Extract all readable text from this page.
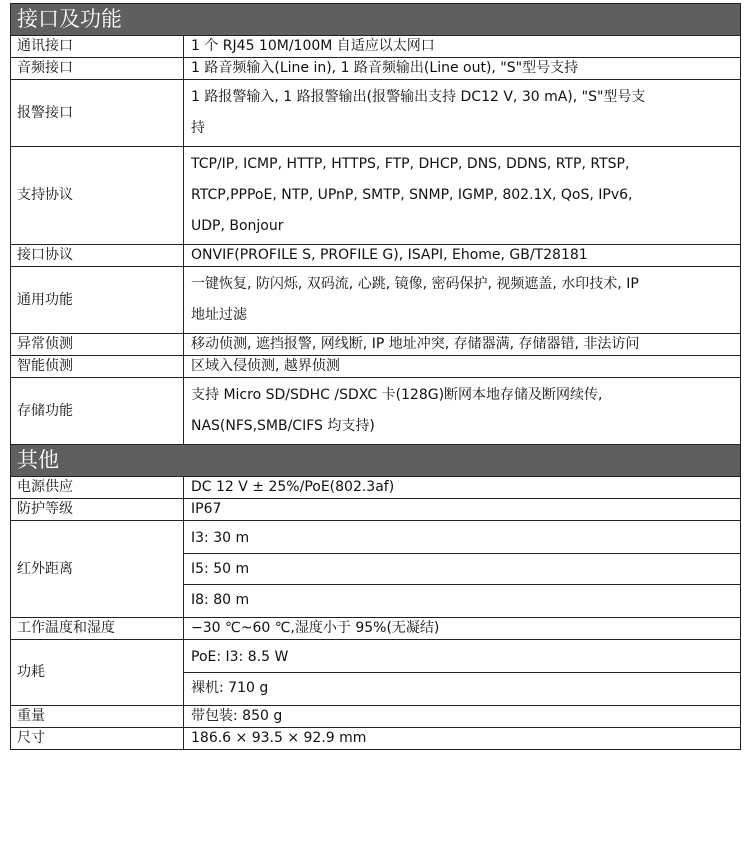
接口及功能	
通讯接口	1 个 RJ45 10M/100M 自适应以太网口

音频接口	1 路音频输入(Line in), 1 路音频输出(Line out), "S"型号支持

报警接口	1 路报警输入, 1 路报警输出(报警输出支持 DC12 V, 30 mA), "S"型号支
持

支持协议	TCP/IP, ICMP, HTTP, HTTPS, FTP, DHCP, DNS, DDNS, RTP, RTSP,
RTCP,PPPoE, NTP, UPnP, SMTP, SNMP, IGMP, 802.1X, QoS, IPv6,
UDP, Bonjour

接口协议	ONVIF(PROFILE S, PROFILE G), ISAPI, Ehome, GB/T28181

通用功能	一键恢复, 防闪烁, 双码流, 心跳, 镜像, 密码保护, 视频遮盖, 水印技术, IP
地址过滤

异常侦测	移动侦测, 遮挡报警, 网线断, IP 地址冲突, 存储器满, 存储器错, 非法访问

智能侦测	区域入侵侦测, 越界侦测

存储功能	支持 Micro SD/SDHC /SDXC 卡(128G)断网本地存储及断网续传,
NAS(NFS,SMB/CIFS 均支持)

其他	
电源供应	DC 12 V ± 25%/PoE(802.3af)

防护等级	IP67

红外距离	I3: 30 m
I5: 50 m
I8: 80 m

工作温度和湿度	−30 ℃~60 ℃,湿度小于 95%(无凝结)

功耗	PoE: I3: 8.5 W
裸机: 710 g

重量	带包装: 850 g

尺寸	186.6 × 93.5 × 92.9 mm
